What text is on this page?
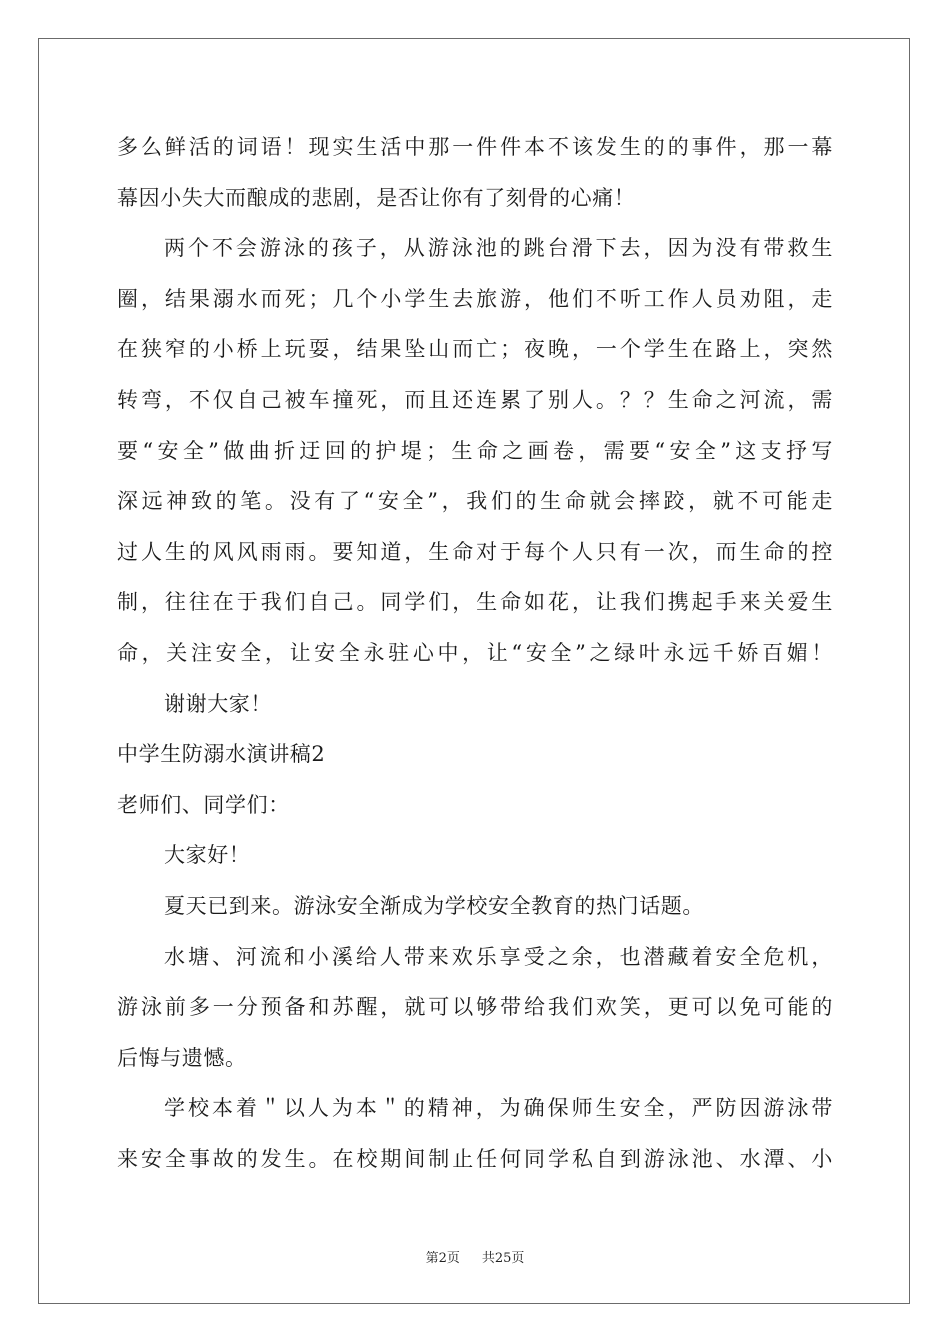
多么鲜活的词语！现实生活中那一件件本不该发生的的事件，那一幕
幕因小失大而酿成的悲剧，是否让你有了刻骨的心痛！
两个不会游泳的孩子，从游泳池的跳台滑下去，因为没有带救生
圈，结果溺水而死；几个小学生去旅游，他们不听工作人员劝阻，走
在狭窄的小桥上玩耍，结果坠山而亡；夜晚，一个学生在路上，突然
转弯，不仅自己被车撞死，而且还连累了别人。？？生命之河流，需
要“安全”做曲折迂回的护堤；生命之画卷，需要“安全”这支抒写
深远神致的笔。没有了“安全”，我们的生命就会摔跤，就不可能走
过人生的风风雨雨。要知道，生命对于每个人只有一次，而生命的控
制，往往在于我们自己。同学们，生命如花，让我们携起手来关爱生
命，关注安全，让安全永驻心中，让“安全”之绿叶永远千娇百媚！
谢谢大家！
中学生防溺水演讲稿2
老师们、同学们：
大家好！
夏天已到来。游泳安全渐成为学校安全教育的热门话题。
水塘、河流和小溪给人带来欢乐享受之余，也潜藏着安全危机，
游泳前多一分预备和苏醒，就可以够带给我们欢笑，更可以免可能的
后悔与遗憾。
学校本着＂以人为本＂的精神，为确保师生安全，严防因游泳带
来安全事故的发生。在校期间制止任何同学私自到游泳池、水潭、小
第2页 共25页
